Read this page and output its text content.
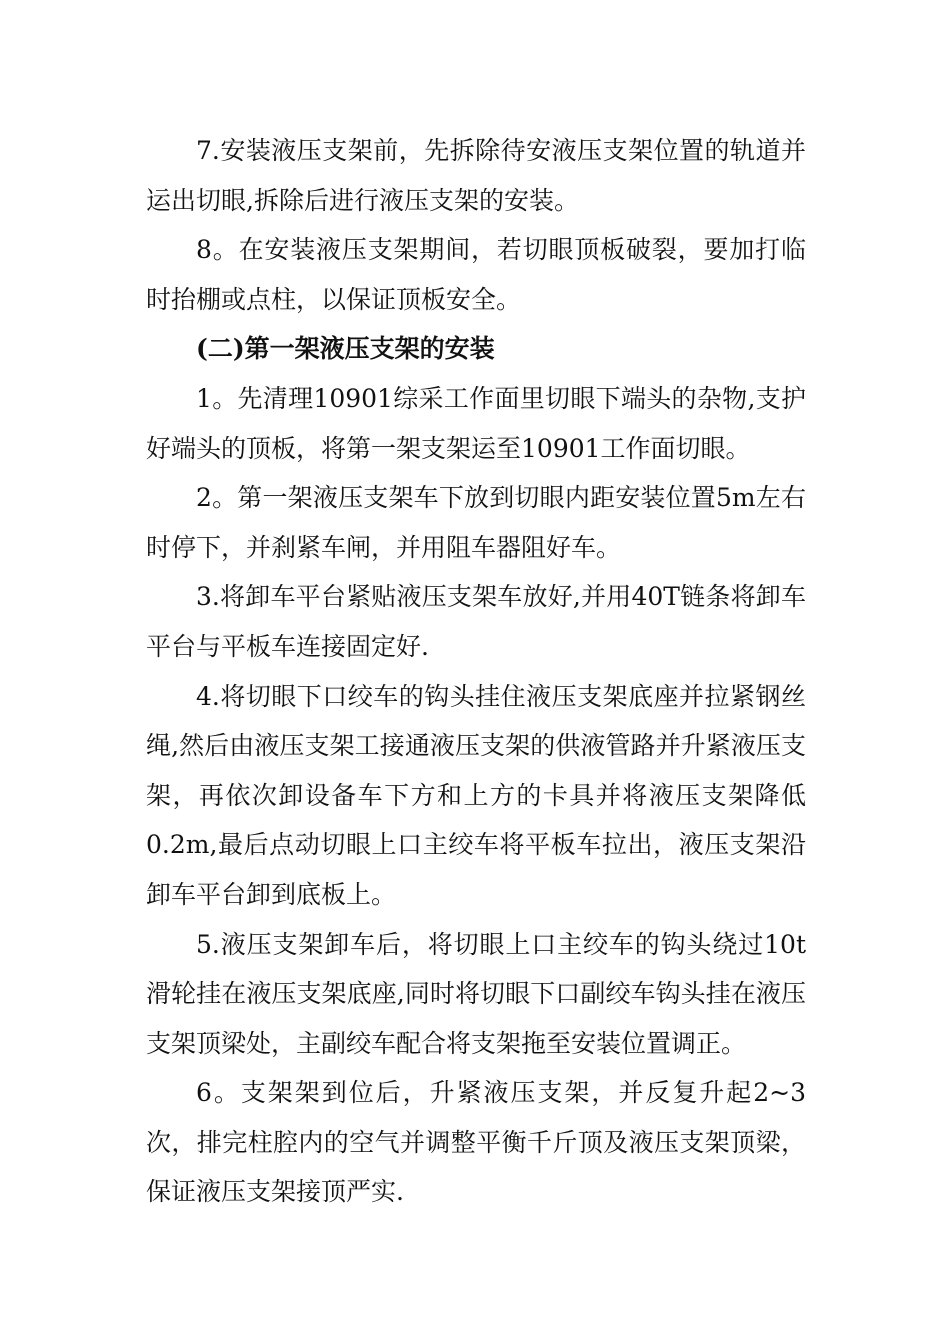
7.安装液压支架前，先拆除待安液压支架位置的轨道并运出切眼,拆除后进行液压支架的安装。

8。在安装液压支架期间，若切眼顶板破裂，要加打临时抬棚或点柱，以保证顶板安全。

(二)第一架液压支架的安装

1。先清理10901综采工作面里切眼下端头的杂物,支护好端头的顶板，将第一架支架运至10901工作面切眼。

2。第一架液压支架车下放到切眼内距安装位置5m左右时停下，并刹紧车闸，并用阻车器阻好车。

3.将卸车平台紧贴液压支架车放好,并用40T链条将卸车平台与平板车连接固定好.

4.将切眼下口绞车的钩头挂住液压支架底座并拉紧钢丝绳,然后由液压支架工接通液压支架的供液管路并升紧液压支架，再依次卸设备车下方和上方的卡具并将液压支架降低0.2m,最后点动切眼上口主绞车将平板车拉出，液压支架沿卸车平台卸到底板上。

5.液压支架卸车后，将切眼上口主绞车的钩头绕过10t滑轮挂在液压支架底座,同时将切眼下口副绞车钩头挂在液压支架顶梁处，主副绞车配合将支架拖至安装位置调正。

6。支架架到位后，升紧液压支架，并反复升起2~3次，排完柱腔内的空气并调整平衡千斤顶及液压支架顶梁，保证液压支架接顶严实.
